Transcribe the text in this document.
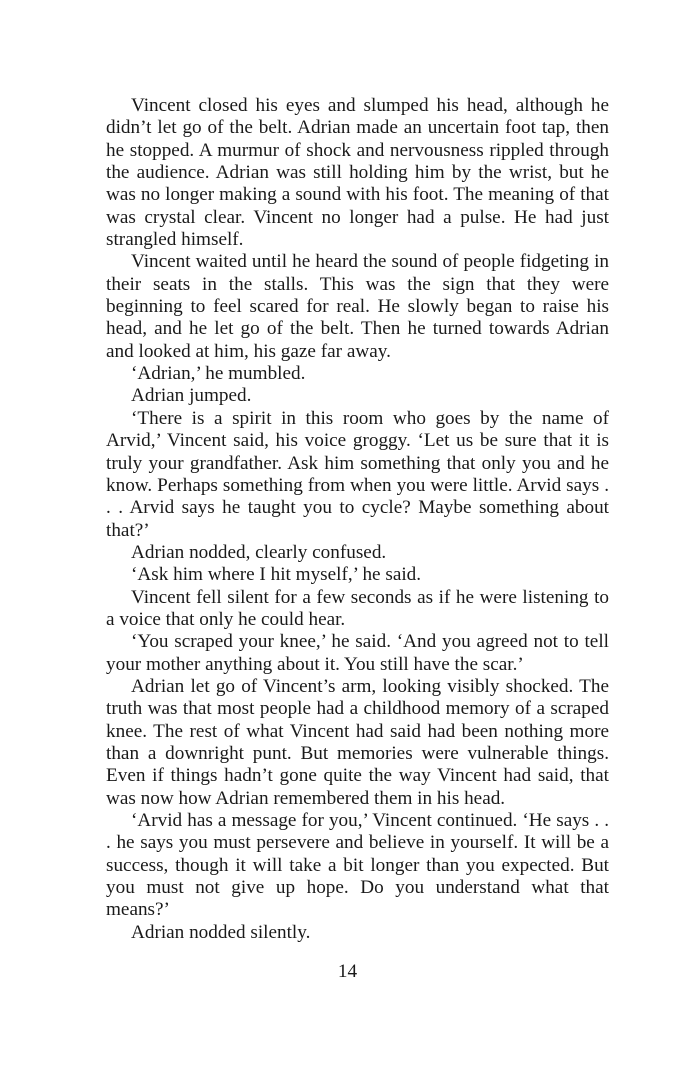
Vincent closed his eyes and slumped his head, although he didn’t let go of the belt. Adrian made an uncertain foot tap, then he stopped. A murmur of shock and nervousness rippled through the audience. Adrian was still holding him by the wrist, but he was no longer making a sound with his foot. The meaning of that was crystal clear. Vincent no longer had a pulse. He had just strangled himself.

Vincent waited until he heard the sound of people fidgeting in their seats in the stalls. This was the sign that they were beginning to feel scared for real. He slowly began to raise his head, and he let go of the belt. Then he turned towards Adrian and looked at him, his gaze far away.

‘Adrian,’ he mumbled.

Adrian jumped.

‘There is a spirit in this room who goes by the name of Arvid,’ Vincent said, his voice groggy. ‘Let us be sure that it is truly your grandfather. Ask him something that only you and he know. Perhaps something from when you were little. Arvid says . . . Arvid says he taught you to cycle? Maybe something about that?’

Adrian nodded, clearly confused.

‘Ask him where I hit myself,’ he said.

Vincent fell silent for a few seconds as if he were listening to a voice that only he could hear.

‘You scraped your knee,’ he said. ‘And you agreed not to tell your mother anything about it. You still have the scar.’

Adrian let go of Vincent’s arm, looking visibly shocked. The truth was that most people had a childhood memory of a scraped knee. The rest of what Vincent had said had been nothing more than a downright punt. But memories were vulnerable things. Even if things hadn’t gone quite the way Vincent had said, that was now how Adrian remembered them in his head.

‘Arvid has a message for you,’ Vincent continued. ‘He says . . . he says you must persevere and believe in yourself. It will be a success, though it will take a bit longer than you expected. But you must not give up hope. Do you understand what that means?’

Adrian nodded silently.

14
